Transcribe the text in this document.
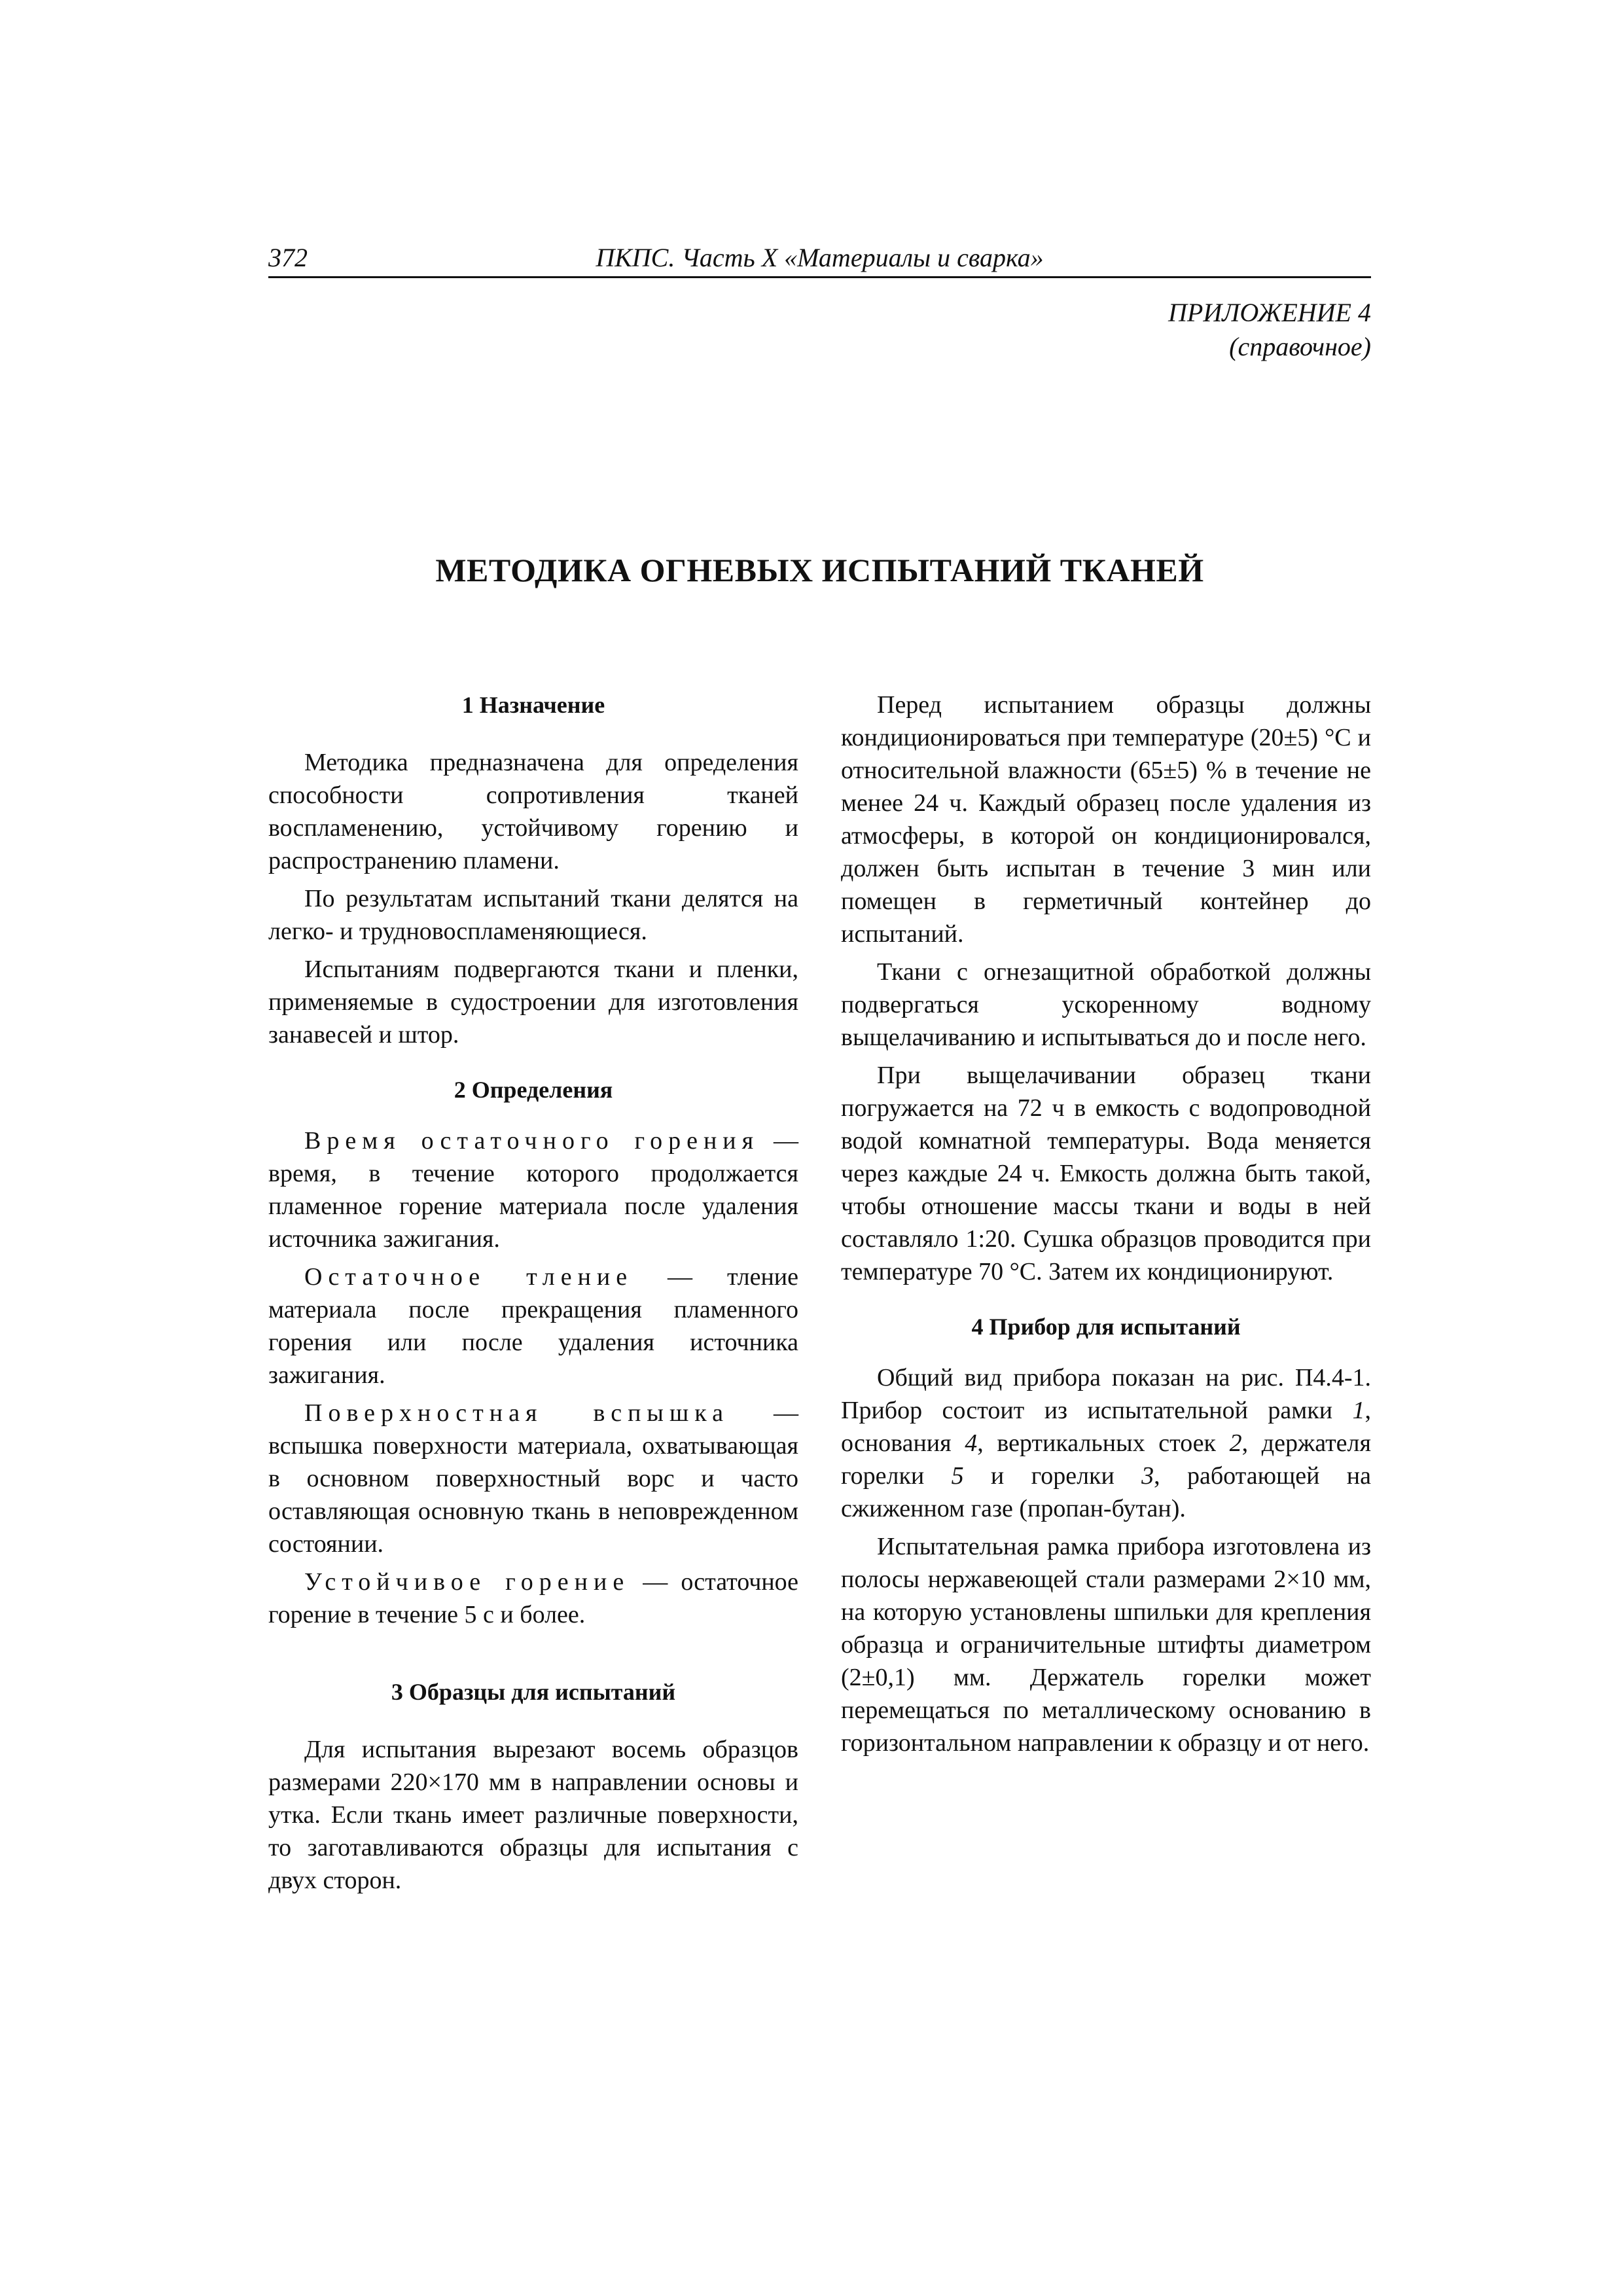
372	ПКПС. Часть X «Материалы и сварка»
ПРИЛОЖЕНИЕ 4
(справочное)
МЕТОДИКА ОГНЕВЫХ ИСПЫТАНИЙ ТКАНЕЙ
1 Назначение

Методика предназначена для определения способности сопротивления тканей воспламенению, устойчивому горению и распространению пламени.

По результатам испытаний ткани делятся на легко- и трудновоспламеняющиеся.

Испытаниям подвергаются ткани и пленки, применяемые в судостроении для изготовления занавесей и штор.

2 Определения

Время остаточного горения — время, в течение которого продолжается пламенное горение материала после удаления источника зажигания.

Остаточное тление — тление материала после прекращения пламенного горения или после удаления источника зажигания.

Поверхностная вспышка — вспышка поверхности материала, охватывающая в основном поверхностный ворс и часто оставляющая основную ткань в неповрежденном состоянии.

Устойчивое горение — остаточное горение в течение 5 с и более.

3 Образцы для испытаний

Для испытания вырезают восемь образцов размерами 220×170 мм в направлении основы и утка. Если ткань имеет различные поверхности, то заготавливаются образцы для испытания с двух сторон.

Перед испытанием образцы должны кондиционироваться при температуре (20±5) °С и относительной влажности (65±5) % в течение не менее 24 ч. Каждый образец после удаления из атмосферы, в которой он кондиционировался, должен быть испытан в течение 3 мин или помещен в герметичный контейнер до испытаний.

Ткани с огнезащитной обработкой должны подвергаться ускоренному водному выщелачиванию и испытываться до и после него.

При выщелачивании образец ткани погружается на 72 ч в емкость с водопроводной водой комнатной температуры. Вода меняется через каждые 24 ч. Емкость должна быть такой, чтобы отношение массы ткани и воды в ней составляло 1:20. Сушка образцов проводится при температуре 70 °С. Затем их кондиционируют.

4 Прибор для испытаний

Общий вид прибора показан на рис. П4.4-1. Прибор состоит из испытательной рамки 1, основания 4, вертикальных стоек 2, держателя горелки 5 и горелки 3, работающей на сжиженном газе (пропан-бутан).

Испытательная рамка прибора изготовлена из полосы нержавеющей стали размерами 2×10 мм, на которую установлены шпильки для крепления образца и ограничительные штифты диаметром (2±0,1) мм. Держатель горелки может перемещаться по металлическому основанию в горизонтальном направлении к образцу и от него.
